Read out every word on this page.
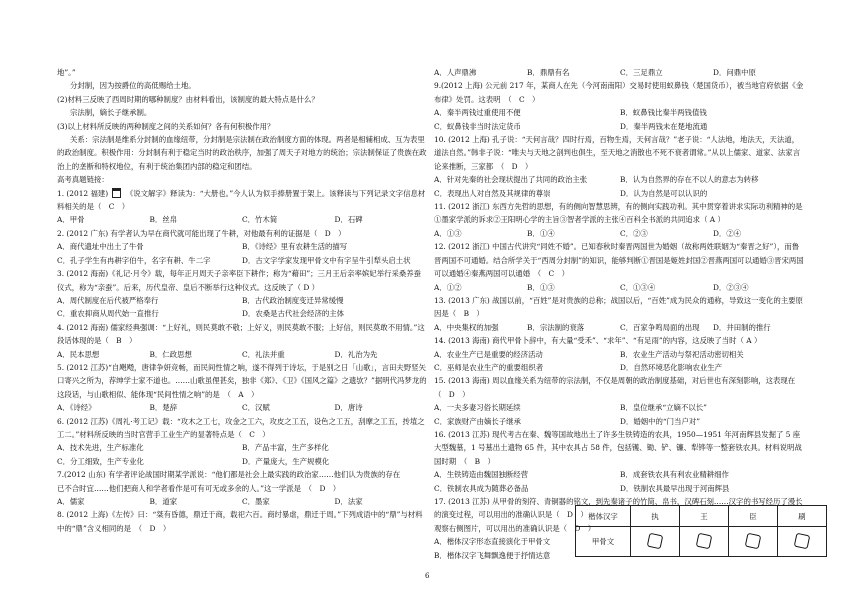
地”。”

分封制，因为按爵位的高低赐给土地。

(2)材料三反映了西周时期的哪种制度？由材料看出，该制度的最大特点是什么？

宗法制，嫡长子继承制。

(3)以上材料所反映的两种制度之间的关系如何？各有何积极作用？

关系：宗法制是维系分封制的血缘纽带，分封制是宗法制在政治制度方面的体现。两者是相辅相成、互为表里的政治制度。积极作用：分封制有利于稳定当时的政治秩序，加强了周天子对地方的统治；宗法制保证了贵族在政治上的垄断和特权地位，有利于统治集团内部的稳定和团结。

高考真题链接：

1. (2012 福建) 《说文解字》释读为：“大册也。”今人认为似手捧册置于架上。该释读与下列记录文字信息材料相关的是（　C　）

A．甲骨	B．丝帛	C．竹木简	D．石碑

2. (2012 广东) 有学者认为早在商代就可能出现了牛耕，对他最有利的证据是（　D　）

A．商代遗址中出土了牛骨	B．《诗经》里有农耕生活的描写
C．孔子学生有冉耕字伯牛，名字有耕、牛二字	D．古文字学家发现甲骨文中有字呈牛引犁头启土状

3. (2012 海南)《礼记·月令》载，每年正月周天子亲率臣下耕作；称为“藉田”；三月王后亲率嫔妃举行采桑养蚕仪式，称为“亲蚕”。后来，历代皇帝、皇后不断举行这种仪式。这反映了（ D ）

A．周代制度在后代被严格奉行	B．古代政治制度变迁异常缓慢
C．重农抑商从周代始一直推行	D．农桑是古代社会经济的主体

4. (2012 海南) 儒家经典强调：“上好礼，则民莫敢不敬；上好义，则民莫敢不服；上好信，则民莫敢不用情。”这段话体现的是（　B　）

A．民本思想	B．仁政思想	C．礼法并重	D．礼治为先

5. (2012 江苏)“自飓飏，唐律争妍竞畅，而民间性情之响，遂不得列于诗坛，于是别之日「山歌」，言田夫野竖矢口寄兴之所为，荐绅学士家不道也。……山歌虽俚甚矣，独非《郑》、《卫》《国风之篇》之遗欤？”据明代冯梦龙的这段话，与山歌相似、能体现“民间性情之响”的是　（　A　）

A．《诗经》	B．楚辞	C．汉赋	D．唐诗

6. (2012 江苏)《周礼·考工记》载：“攻木之工七，攻金之工六，攻皮之工五，设色之工五，刮摩之工五，抟埴之工二。”材料所反映的当时官营手工业生产的显著特点是（　C　）

A．技术先进，生产标准化	B．产品丰富，生产多样化
C．分工细致，生产专业化	D．产量庞大，生产规模化

7.(2012 山东) 有学者评论战国时期某学派说：“他们都是社会上最实践的政治家……他们认为贵族的存在

已不合时宜……他们把商人和学者看作是可有可无或多余的人。”这一学派是　（　D　）

A．儒家	B．道家	C．墨家	D．法家

8. (2012 上海)《左传》曰：“桀有昏德，鼎迁于商，载祀六百。商纣暴虐，鼎迁于周。”下列成语中的“鼎”与材料中的“鼎”含义相同的是　（　D　）

A．人声鼎沸	B．鼎鼎有名	C．三足鼎立	D．问鼎中原

9.(2012 上海) 公元前 217 年，某商人在先（今河南南阳）交易时使用蚁鼻钱（楚国货币），被当地官府依据《金布律》处罚。这表明　（　C　）

A．秦半两钱过重使用不便	B．蚁鼻钱比秦半两钱值钱
C．蚁鼻钱非当时法定货币	D．秦半两钱未在楚地流通

10. (2012 上海) 孔子说：“天何言哉？四时行焉，百物生焉，天何言哉？”老子说：“人法地，地法天，天法道，道法自然。”韩非子说：“唯夫与天地之剖判也俱生，至天地之消散也不死不衰者谓常。”从以上儒家、道家、法家言论来推断，三家都　（　D　）

A．针对先秦的社会现状提出了共同的政治主张	B．认为自然界的存在不以人的意志为转移
C．表现出人对自然及其规律的尊崇	D．认为自然是可以认识的

11. (2012 浙江) 东西方先哲的思想，有的侧向智慧思辨，有的侧向实践功利。其中贯穿着讲求实际功利精神的是①墨家学派的诉求②王阳明心学的主旨③智者学派的主张④百科全书派的共同追求（ A ）

A．①③	B．①④	C．②③	D．②④

12. (2012 浙江) 中国古代讲究“同姓不婚”。已知春秋时秦晋两国世为婚姻（故称两姓联姻为“秦晋之好”），而鲁晋两国不可通婚。结合所学关于“西周分封制”的知识，能够判断①晋国是姬姓封国②晋燕两国可以通婚③晋宋两国可以通婚④秦燕两国可以通婚　（　C　）

A．①②	B．①③	C．①③④	D．②③④

13. (2013 广东) 战国以前，“百姓”是对贵族的总称；战国以后，“百姓”成为民众的通称，导致这一变化的主要原因是（　B　）

A．中央集权的加强	B．宗法制的衰落	C．百家争鸣局面的出现	D．井田制的推行

14. (2013 海南) 商代甲骨卜辞中，有大量“受禾”、“求年”、“有足雨”的内容，这反映了当时（ A ）

A．农业生产已是重要的经济活动	B．农业生产活动与祭祀活动密切相关
C．巫师是农业生产的重要组织者	D．自然环境恶化影响农业生产

15. (2013 海南) 周以血缘关系为纽带的宗法制，不仅是周朝的政治制度基础，对后世也有深刻影响，这表现在　（　D　）

A．一夫多妻习俗长期延续	B．皇位继承“立嫡不以长”
C．家族财产由嫡长子继承	D．婚姻中的“门当户对”

16. (2013 江苏) 现代考古在秦、魏等国故地出土了许多生铁铸造的农具，1950—1951 年河南辉县发掘了 5 座大型魏墓，1 号墓出土遗物 65 件，其中农具占 58 件，包括镬、锄、铲、镰、犁铧等一整套铁农具。材料说明战国时期　（　B　）

A．生铁铸造由魏国独断经营	B．成套铁农具有利农业精耕细作
C．铁制农具成为随葬必备品	D．铁制农具最早出现于河南辉县

17. (2013 江苏) 从甲骨的刻符、青铜器的铭文，到先秦诸子的竹简、帛书，汉碑石刻……汉字的书写经历了漫长的演变过程，可以用出的准确认识是（　D　）

观察右侧图片，可以用出的准确认识是（　D　）

A．楷体汉字形态直接演化于甲骨文

B．楷体汉字飞舞飘逸便于抒情达意

楷体汉字	执	王	臣	刷
甲骨文				
6
